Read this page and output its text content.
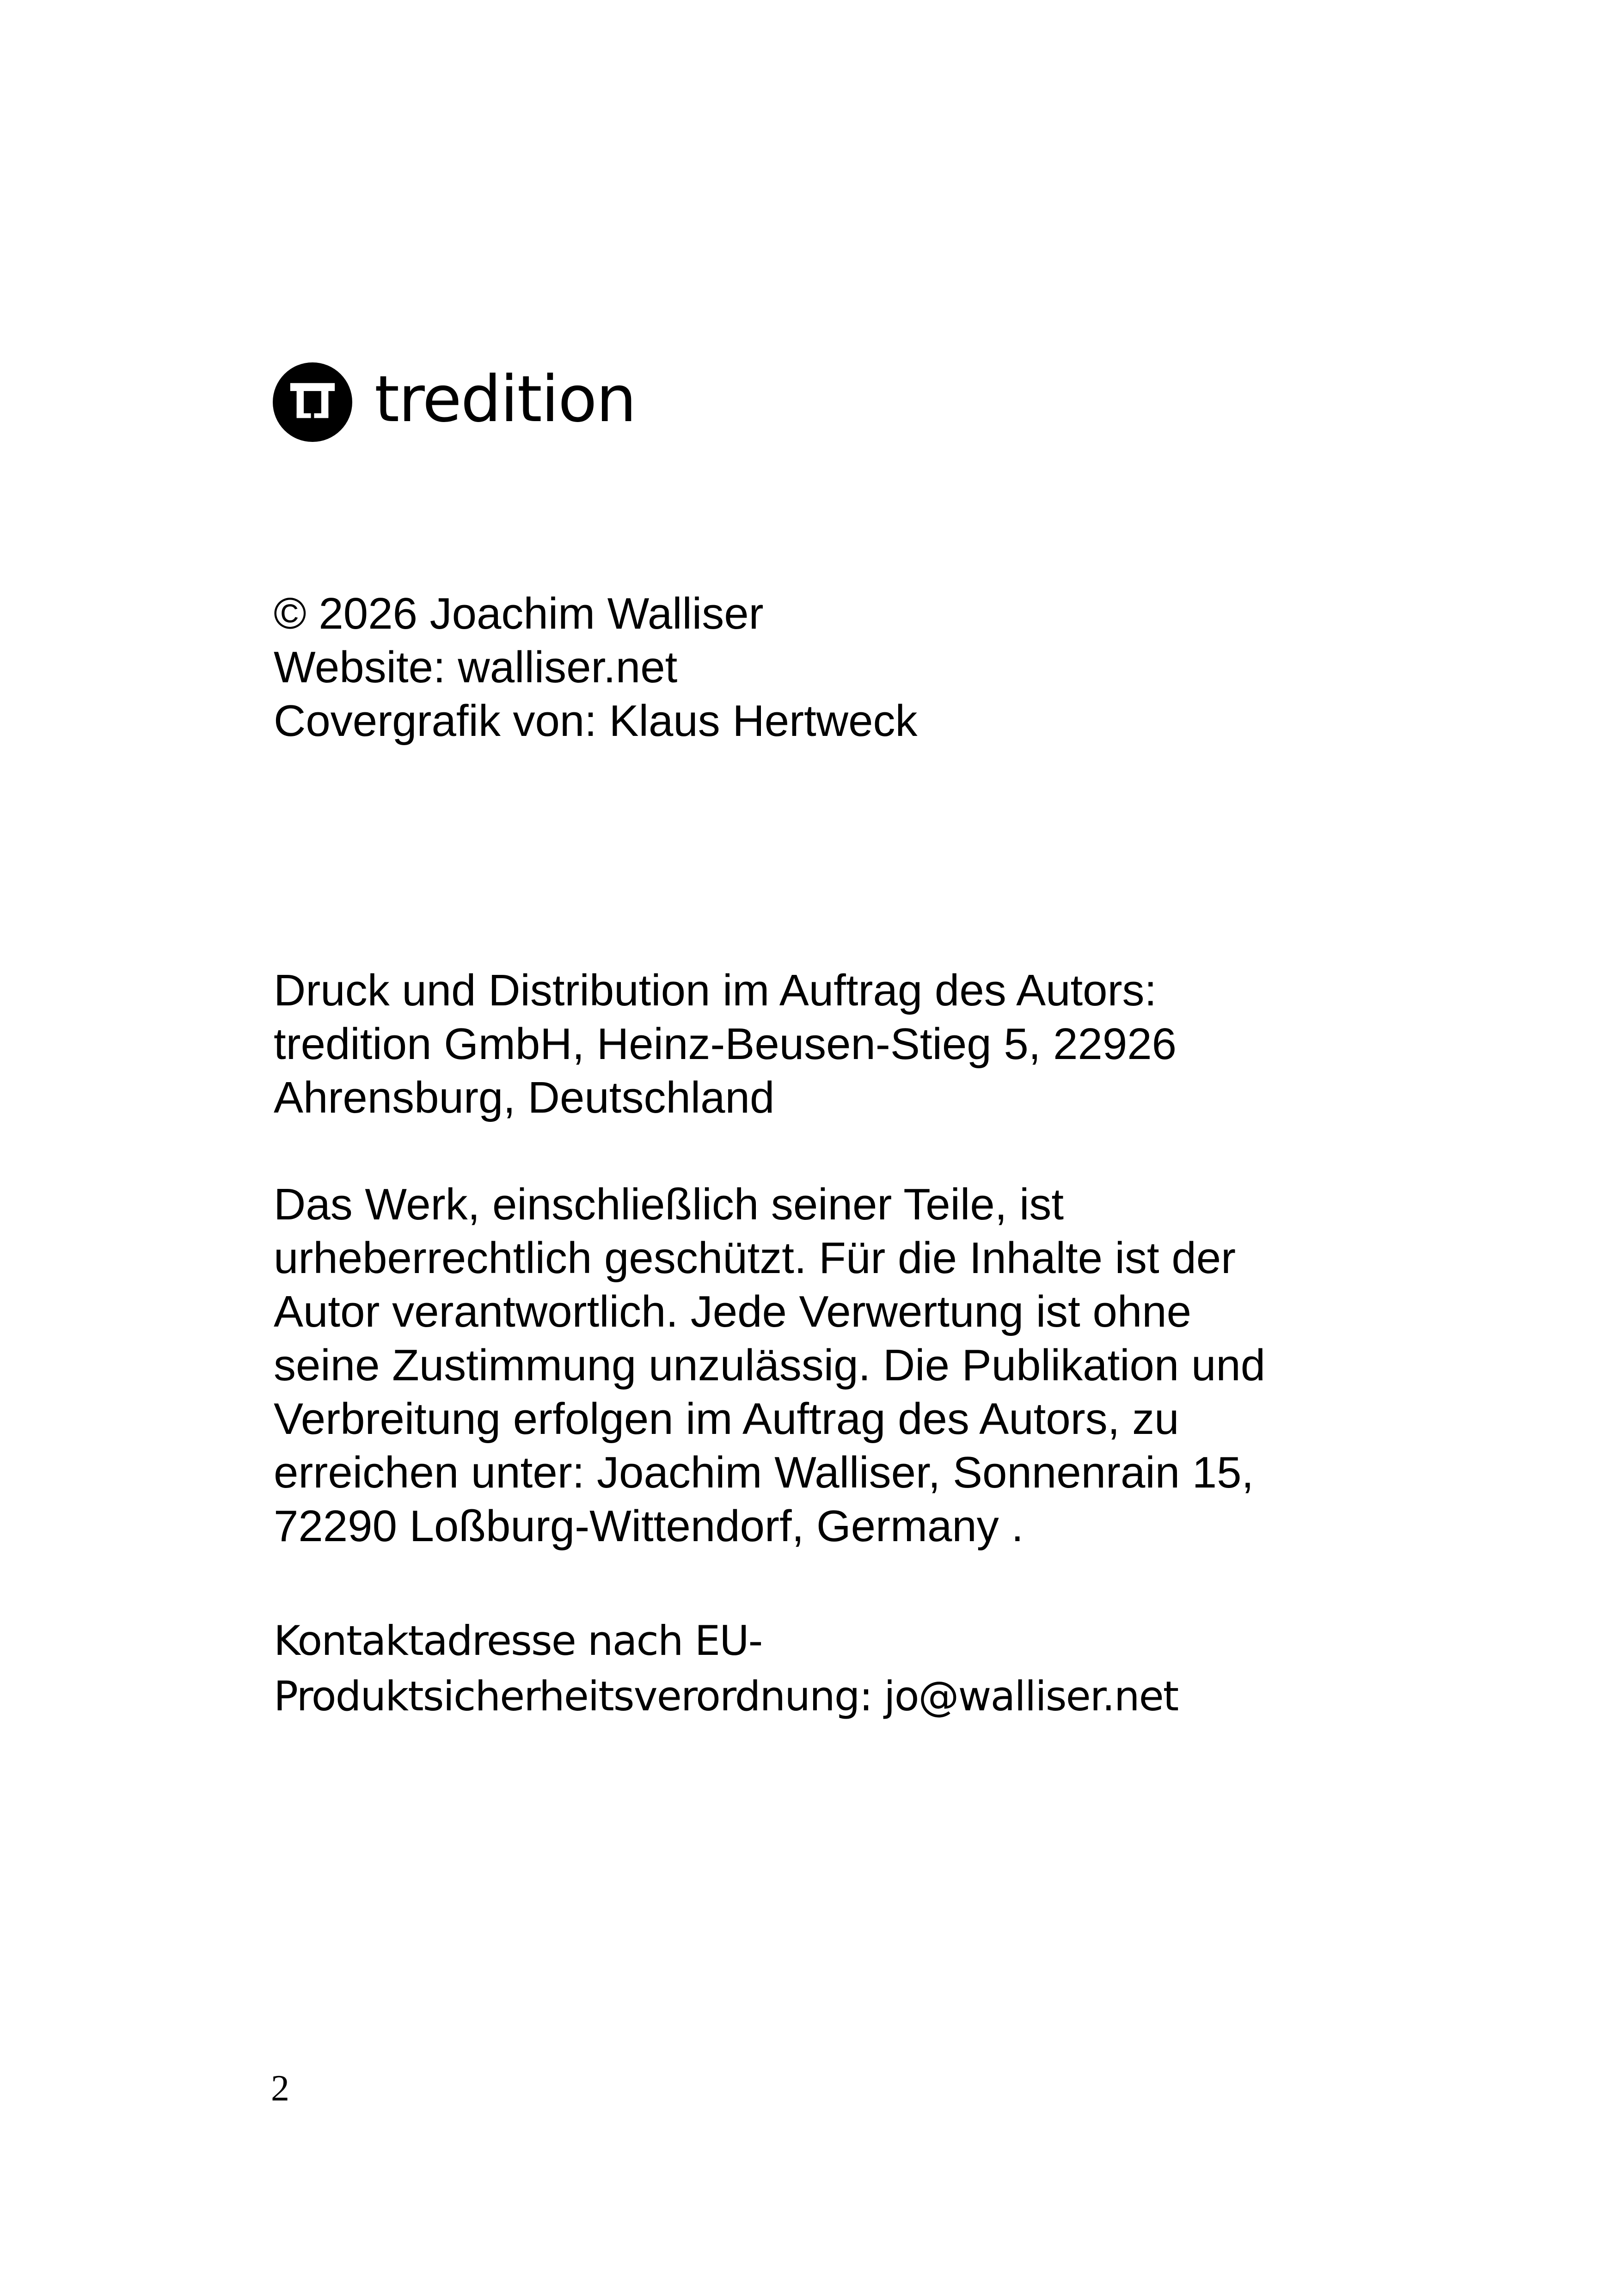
tredition

© 2026 Joachim Walliser

Website: walliser.net

Covergrafik von: Klaus Hertweck

Druck und Distribution im Auftrag des Autors:

tredition GmbH, Heinz-Beusen-Stieg 5, 22926

Ahrensburg, Deutschland

Das Werk, einschließlich seiner Teile, ist

urheberrechtlich geschützt. Für die Inhalte ist der

Autor verantwortlich. Jede Verwertung ist ohne

seine Zustimmung unzulässig. Die Publikation und

Verbreitung erfolgen im Auftrag des Autors, zu

erreichen unter: Joachim Walliser, Sonnenrain 15,

72290 Loßburg-Wittendorf, Germany .

Kontaktadresse nach EU-

Produktsicherheitsverordnung: jo@walliser.net

2
